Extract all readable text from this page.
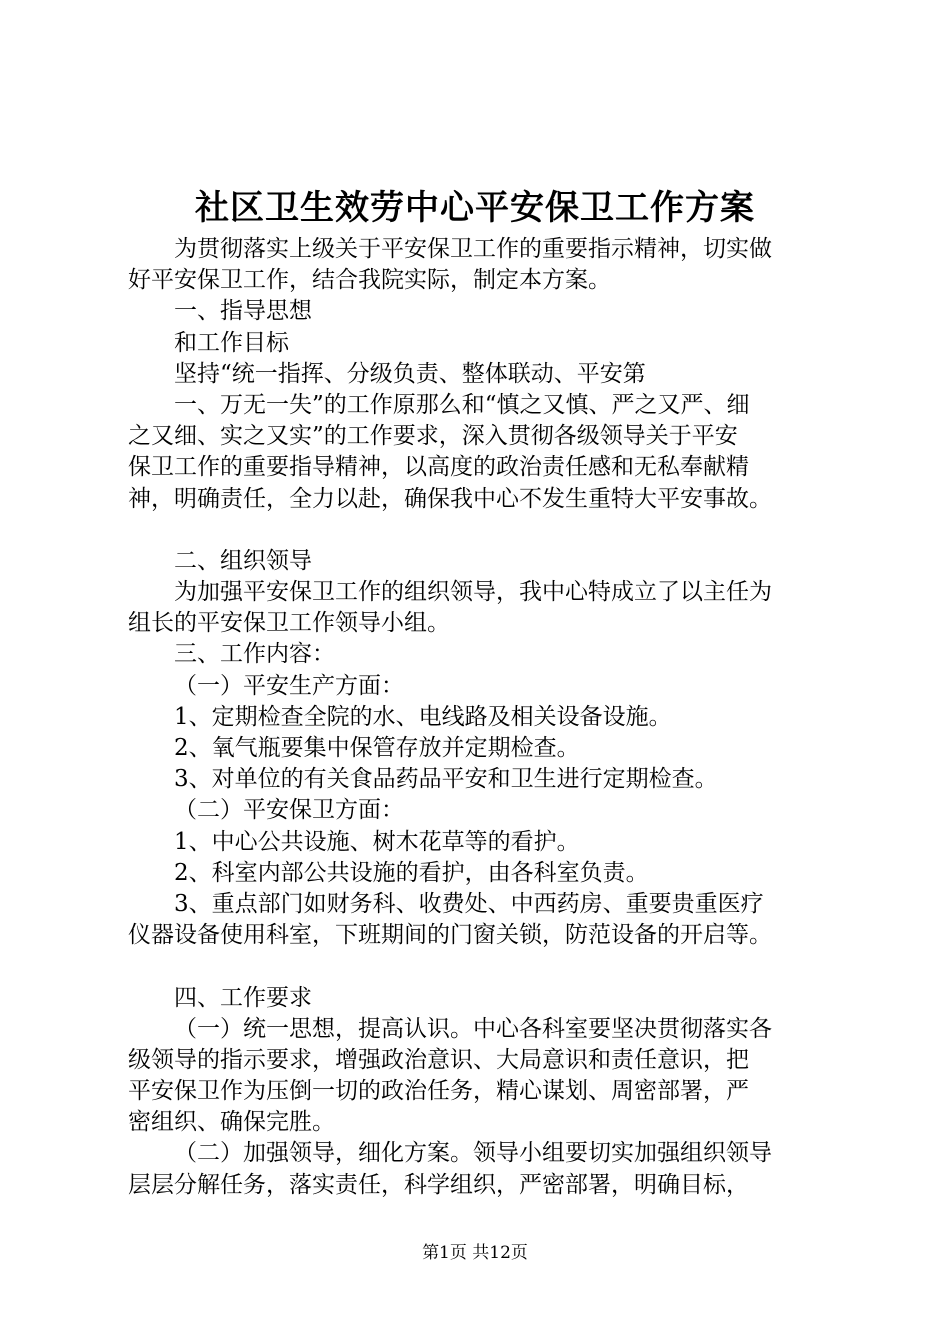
社区卫生效劳中心平安保卫工作方案
为贯彻落实上级关于平安保卫工作的重要指示精神，切实做
好平安保卫工作，结合我院实际，制定本方案。
一、指导思想
和工作目标
坚持“统一指挥、分级负责、整体联动、平安第
一、万无一失”的工作原那么和“慎之又慎、严之又严、细
之又细、实之又实”的工作要求，深入贯彻各级领导关于平安
保卫工作的重要指导精神，以高度的政治责任感和无私奉献精
神，明确责任，全力以赴，确保我中心不发生重特大平安事故。
二、组织领导
为加强平安保卫工作的组织领导，我中心特成立了以主任为
组长的平安保卫工作领导小组。
三、工作内容：
（一）平安生产方面：
1、定期检查全院的水、电线路及相关设备设施。
2、氧气瓶要集中保管存放并定期检查。
3、对单位的有关食品药品平安和卫生进行定期检查。
（二）平安保卫方面：
1、中心公共设施、树木花草等的看护。
2、科室内部公共设施的看护，由各科室负责。
3、重点部门如财务科、收费处、中西药房、重要贵重医疗
仪器设备使用科室，下班期间的门窗关锁，防范设备的开启等。
四、工作要求
（一）统一思想，提高认识。中心各科室要坚决贯彻落实各
级领导的指示要求，增强政治意识、大局意识和责任意识，把
平安保卫作为压倒一切的政治任务，精心谋划、周密部署，严
密组织、确保完胜。
（二）加强领导，细化方案。领导小组要切实加强组织领导
层层分解任务，落实责任，科学组织，严密部署，明确目标，
第1页 共12页
